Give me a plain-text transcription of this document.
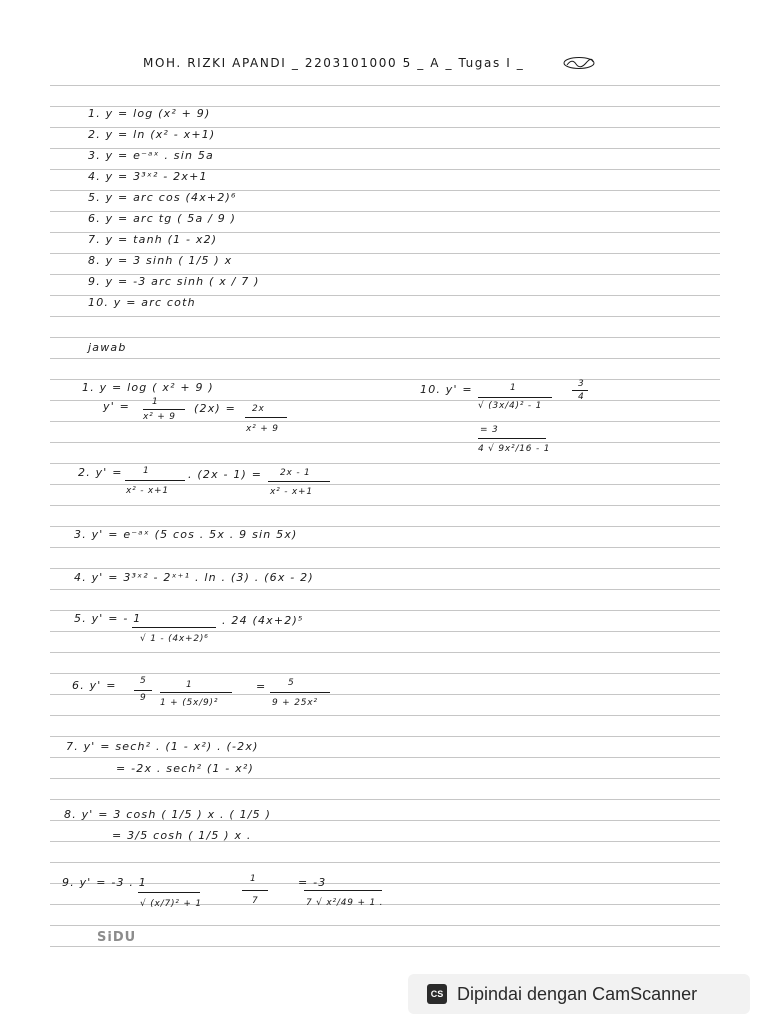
MOH. RIZKI APANDI _ 2203101000 5 _ A _ Tugas I _
1. y = log (x² + 9)
2. y = ln (x² - x+1)
3. y = e⁻ᵃˣ . sin 5a
4. y = 3³ˣ² - 2x+1
5. y = arc cos (4x+2)⁶
6. y = arc tg ( 5a / 9 )
7. y = tanh (1 - x2)
8. y = 3 sinh ( 1/5 ) x
9. y = -3 arc sinh ( x / 7 )
10. y = arc coth
jawab
1. y = log ( x² + 9 )
y' = 1
x² + 9
(2x) = 2x
x² + 9
10. y' =	1
√ (3x/4)² - 1
3
4
= 3
4 √ 9x²/16 - 1
2. y' = 1
x² - x+1
. (2x - 1) = 2x - 1
x² - x+1
3. y' = e⁻ᵃˣ (5 cos . 5x . 9 sin 5x)
4. y' = 3³ˣ² - 2ˣ⁺¹ . ln . (3) . (6x - 2)
5. y' = - 1
√ 1 - (4x+2)⁶
. 24 (4x+2)⁵
6. y' =	5
9
1
1 + (5x/9)²
= 5
9 + 25x²
7. y' = sech² . (1 - x²) . (-2x)
= -2x . sech² (1 - x²)
8. y' = 3 cosh ( 1/5 ) x . ( 1/5 )
= 3/5 cosh ( 1/5 ) x .
9. y' = -3 . 1
√ (x/7)² + 1
1
7
= -3
7 √ x²/49 + 1 .
SiDU
CS Dipindai dengan CamScanner
